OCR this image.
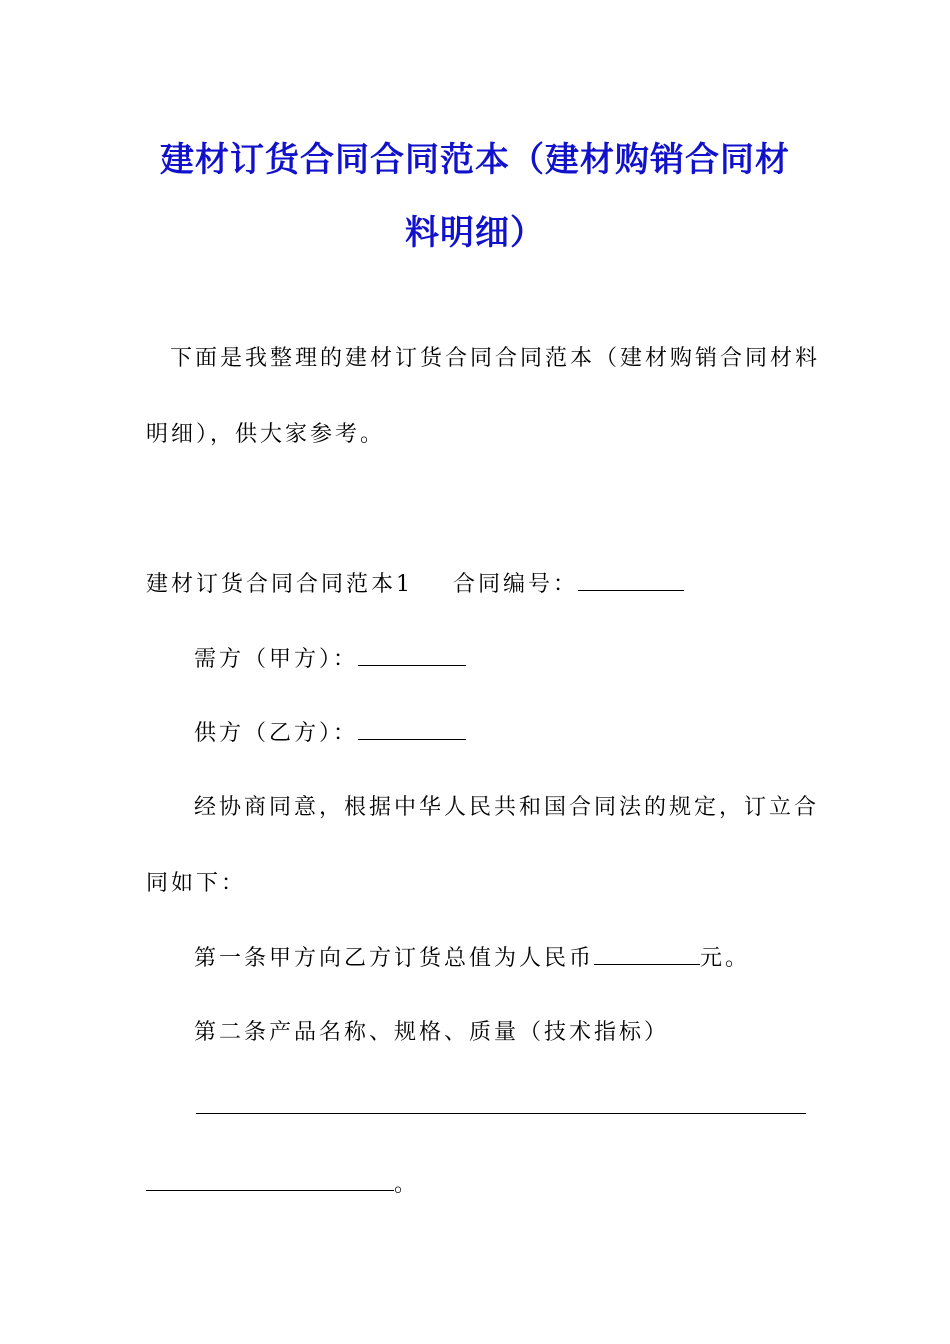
建材订货合同合同范本（建材购销合同材
料明细）
下面是我整理的建材订货合同合同范本（建材购销合同材料
明细），供大家参考。
建材订货合同合同范本1 合同编号：
需方（甲方）：
供方（乙方）：
经协商同意，根据中华人民共和国合同法的规定，订立合
同如下：
第一条甲方向乙方订货总值为人民币	元。
第二条产品名称、规格、质量（技术指标）
。
